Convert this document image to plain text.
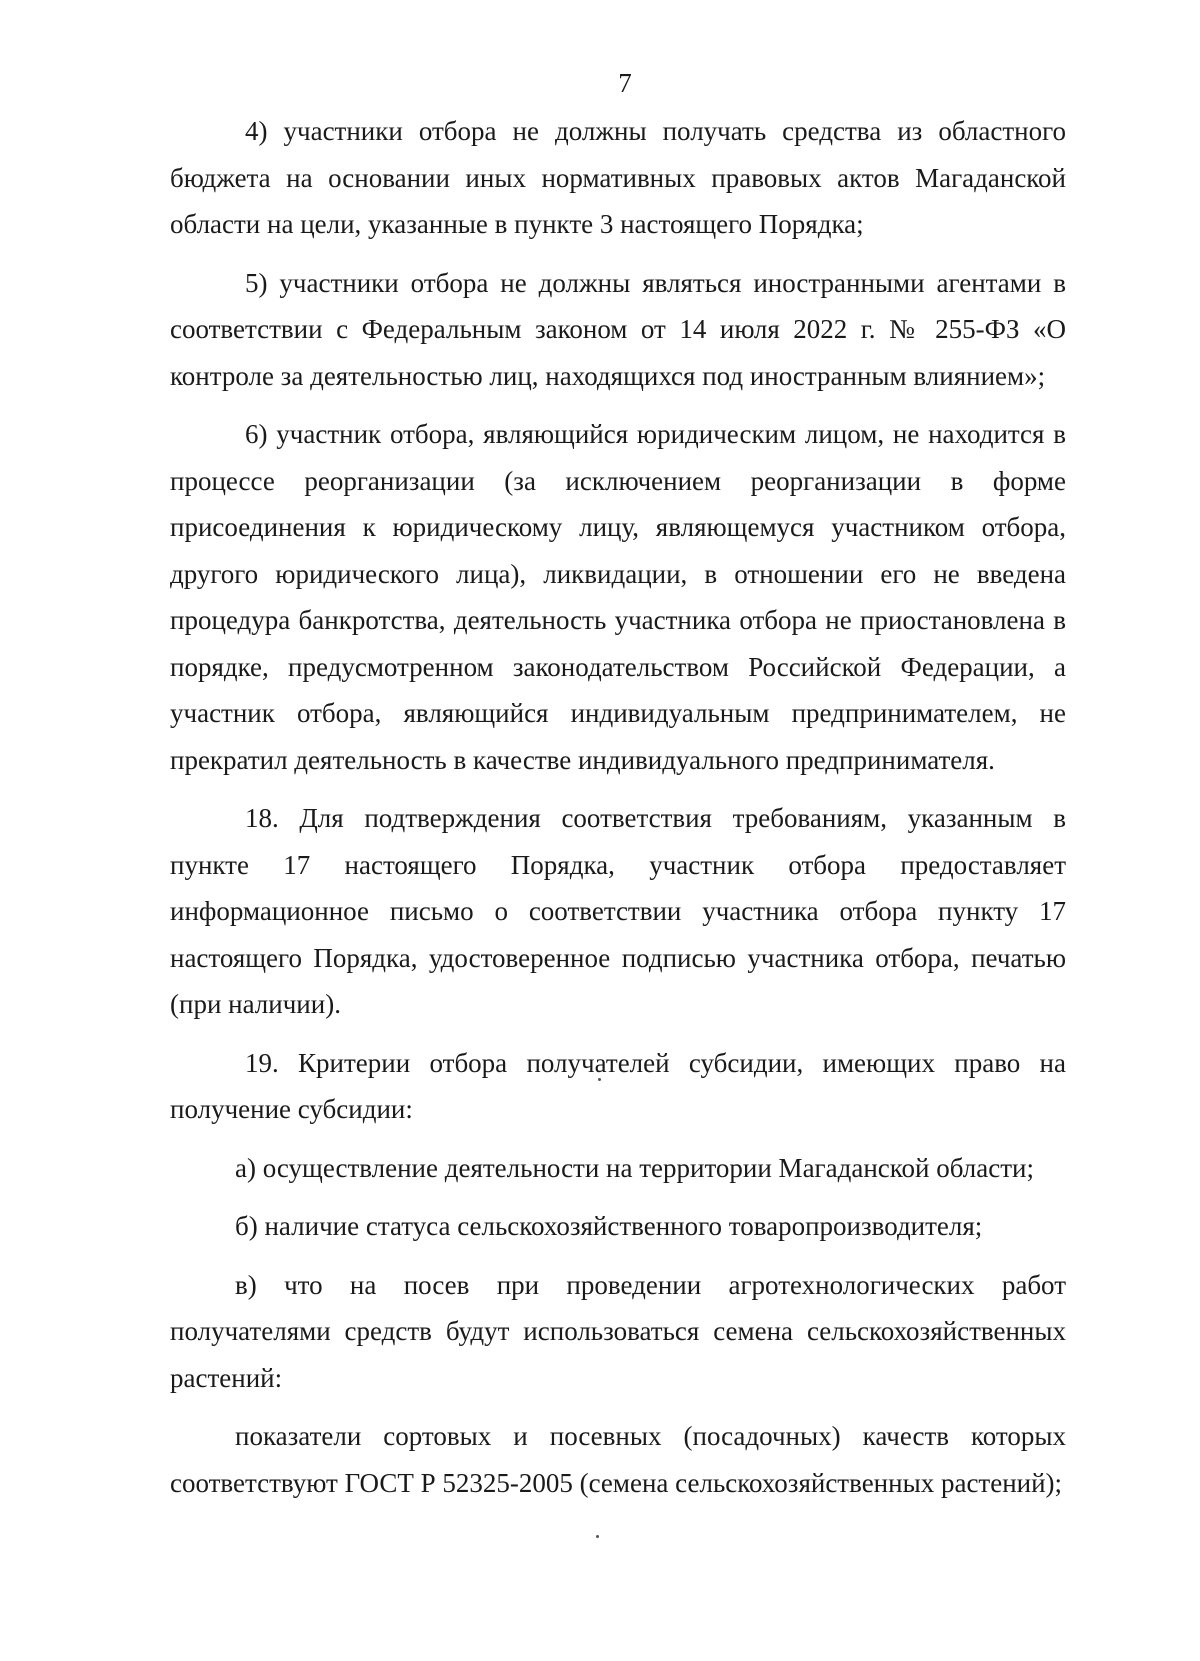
7

4) участники отбора не должны получать средства из областного бюджета на основании иных нормативных правовых актов Магаданской области на цели, указанные в пункте 3 настоящего Порядка;

5) участники отбора не должны являться иностранными агентами в соответствии с Федеральным законом от 14 июля 2022 г. № 255-ФЗ «О контроле за деятельностью лиц, находящихся под иностранным влиянием»;

6) участник отбора, являющийся юридическим лицом, не находится в процессе реорганизации (за исключением реорганизации в форме присоединения к юридическому лицу, являющемуся участником отбора, другого юридического лица), ликвидации, в отношении его не введена процедура банкротства, деятельность участника отбора не приостановлена в порядке, предусмотренном законодательством Российской Федерации, а участник отбора, являющийся индивидуальным предпринимателем, не прекратил деятельность в качестве индивидуального предпринимателя.

18. Для подтверждения соответствия требованиям, указанным в пункте 17 настоящего Порядка, участник отбора предоставляет информационное письмо о соответствии участника отбора пункту 17 настоящего Порядка, удостоверенное подписью участника отбора, печатью (при наличии).

19. Критерии отбора получателей субсидии, имеющих право на получение субсидии:

а) осуществление деятельности на территории Магаданской области;

б) наличие статуса сельскохозяйственного товаропроизводителя;

в) что на посев при проведении агротехнологических работ получателями средств будут использоваться семена сельскохозяйственных растений:

показатели сортовых и посевных (посадочных) качеств которых соответствуют ГОСТ Р 52325-2005 (семена сельскохозяйственных растений);
